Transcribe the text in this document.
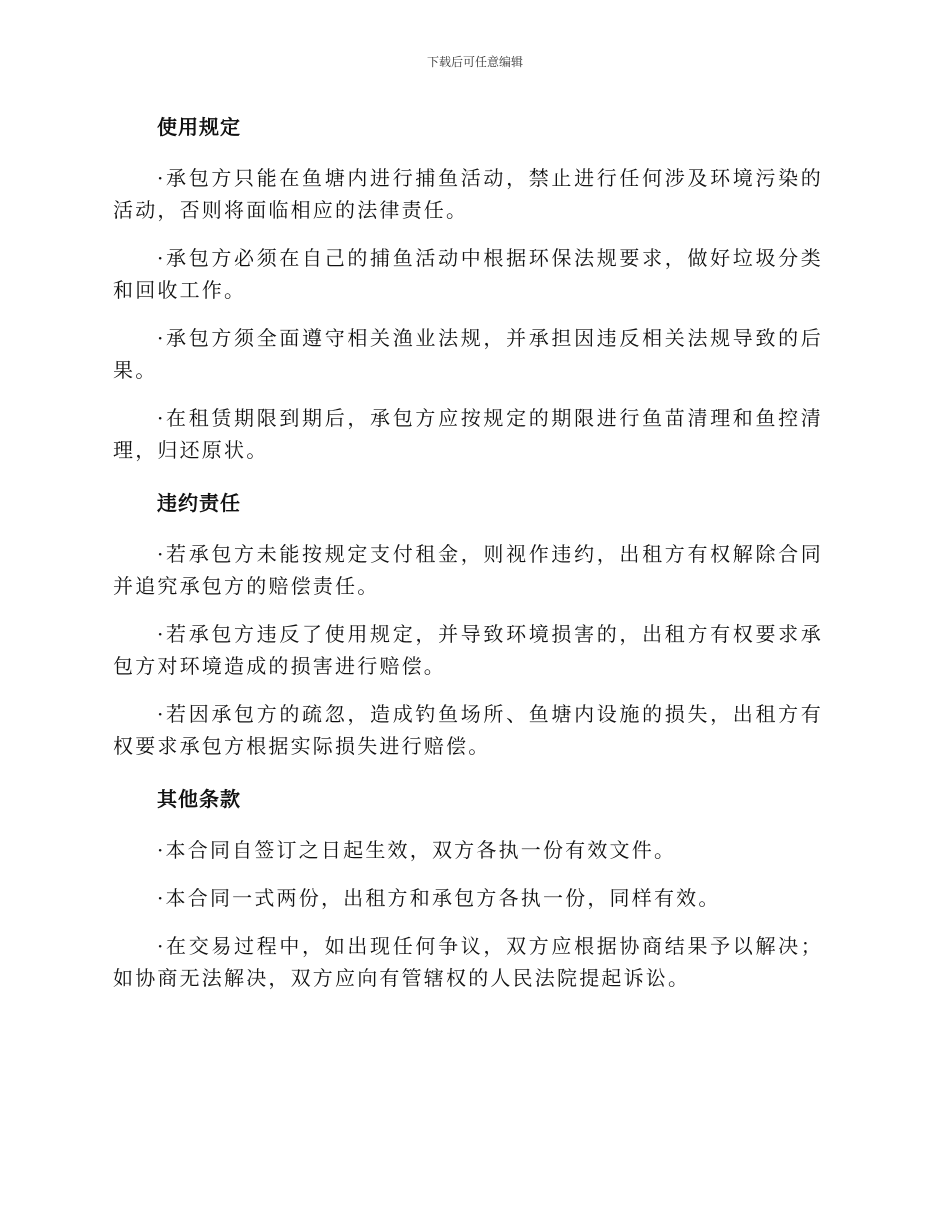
下载后可任意编辑

使用规定

·承包方只能在鱼塘内进行捕鱼活动，禁止进行任何涉及环境污染的活动，否则将面临相应的法律责任。

·承包方必须在自己的捕鱼活动中根据环保法规要求，做好垃圾分类和回收工作。

·承包方须全面遵守相关渔业法规，并承担因违反相关法规导致的后果。

·在租赁期限到期后，承包方应按规定的期限进行鱼苗清理和鱼控清理，归还原状。

违约责任

·若承包方未能按规定支付租金，则视作违约，出租方有权解除合同并追究承包方的赔偿责任。

·若承包方违反了使用规定，并导致环境损害的，出租方有权要求承包方对环境造成的损害进行赔偿。

·若因承包方的疏忽，造成钓鱼场所、鱼塘内设施的损失，出租方有权要求承包方根据实际损失进行赔偿。

其他条款

·本合同自签订之日起生效，双方各执一份有效文件。

·本合同一式两份，出租方和承包方各执一份，同样有效。

·在交易过程中，如出现任何争议，双方应根据协商结果予以解决；如协商无法解决，双方应向有管辖权的人民法院提起诉讼。
